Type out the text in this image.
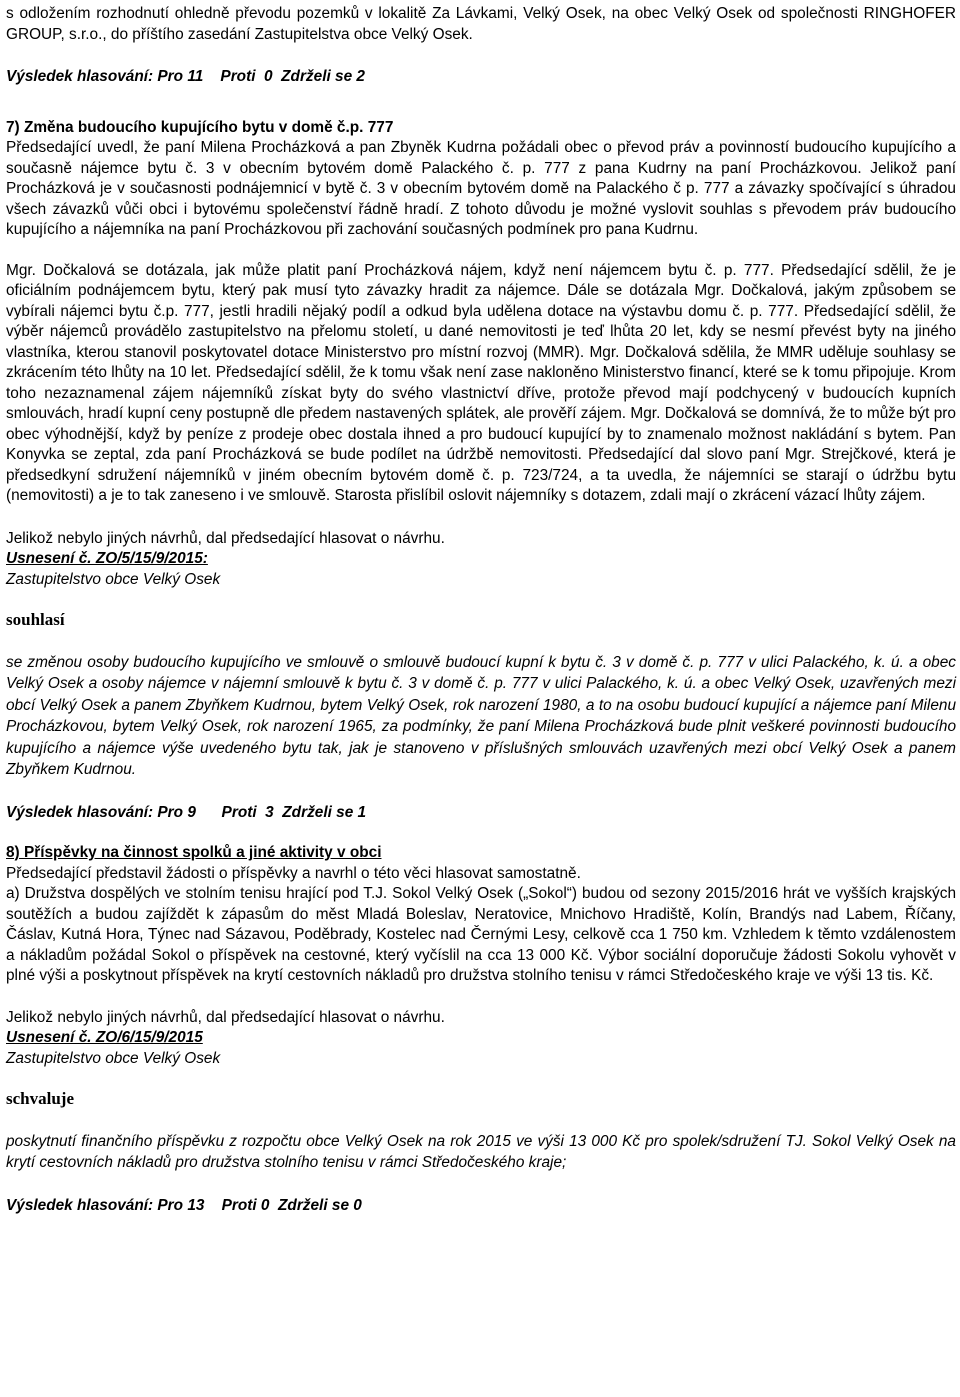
s odložením rozhodnutí ohledně převodu pozemků v lokalitě Za Lávkami, Velký Osek, na obec Velký Osek od společnosti RINGHOFER GROUP, s.r.o., do příštího zasedání Zastupitelstva obce Velký Osek.

Výsledek hlasování: Pro 11    Proti  0  Zdrželi se 2

7) Změna budoucího kupujícího bytu v domě č.p. 777

Předsedající uvedl, že paní Milena Procházková a pan Zbyněk Kudrna požádali obec o převod práv a povinností budoucího kupujícího a současně nájemce bytu č. 3 v obecním bytovém domě Palackého č. p. 777 z pana Kudrny na paní Procházkovou. Jelikož paní Procházková je v současnosti podnájemnicí v bytě č. 3 v obecním bytovém domě na Palackého č p. 777 a závazky spočívající s úhradou všech závazků vůči obci i bytovému společenství řádně hradí. Z tohoto důvodu je možné vyslovit souhlas s převodem práv budoucího kupujícího a nájemníka na paní Procházkovou při zachování současných podmínek pro pana Kudrnu.

Mgr. Dočkalová se dotázala, jak může platit paní Procházková nájem, když není nájemcem bytu č. p. 777. Předsedající sdělil, že je oficiálním podnájemcem bytu, který pak musí tyto závazky hradit za nájemce. Dále se dotázala Mgr. Dočkalová, jakým způsobem se vybírali nájemci bytu č.p. 777, jestli hradili nějaký podíl a odkud byla udělena dotace na výstavbu domu č. p. 777. Předsedající sdělil, že výběr nájemců provádělo zastupitelstvo na přelomu století, u dané nemovitosti je teď lhůta 20 let, kdy se nesmí převést byty na jiného vlastníka, kterou stanovil poskytovatel dotace Ministerstvo pro místní rozvoj (MMR). Mgr. Dočkalová sdělila, že MMR uděluje souhlasy se zkrácením této lhůty na 10 let. Předsedající sdělil, že k tomu však není zase nakloněno Ministerstvo financí, které se k tomu připojuje. Krom toho nezaznamenal zájem nájemníků získat byty do svého vlastnictví dříve, protože převod mají podchycený v budoucích kupních smlouvách, hradí kupní ceny postupně dle předem nastavených splátek, ale prověří zájem. Mgr. Dočkalová se domnívá, že to může být pro obec výhodnější, když by peníze z prodeje obec dostala ihned a pro budoucí kupující by to znamenalo možnost nakládání s bytem. Pan Konyvka se zeptal, zda paní Procházková se bude podílet na údržbě nemovitosti. Předsedající dal slovo paní Mgr. Strejčkové, která je předsedkyní sdružení nájemníků v jiném obecním bytovém domě č. p. 723/724, a ta uvedla, že nájemníci se starají o údržbu bytu (nemovitosti) a je to tak zaneseno i ve smlouvě. Starosta přislíbil oslovit nájemníky s dotazem, zdali mají o zkrácení vázací lhůty zájem.

Jelikož nebylo jiných návrhů, dal předsedající hlasovat o návrhu.

Usnesení č. ZO/5/15/9/2015:

Zastupitelstvo obce Velký Osek

souhlasí

se změnou osoby budoucího kupujícího ve smlouvě o smlouvě budoucí kupní k bytu č. 3 v domě č. p. 777 v ulici Palackého, k. ú. a obec Velký Osek a osoby nájemce v nájemní smlouvě k bytu č. 3 v domě č. p. 777 v ulici Palackého, k. ú. a obec Velký Osek, uzavřených mezi obcí Velký Osek a panem Zbyňkem Kudrnou, bytem Velký Osek, rok narození 1980, a to na osobu budoucí kupující a nájemce paní Milenu Procházkovou, bytem Velký Osek, rok narození 1965, za podmínky, že paní Milena Procházková bude plnit veškeré povinnosti budoucího kupujícího a nájemce výše uvedeného bytu tak, jak je stanoveno v příslušných smlouvách uzavřených mezi obcí Velký Osek a panem Zbyňkem Kudrnou.

Výsledek hlasování: Pro 9      Proti  3  Zdrželi se 1

8) Příspěvky na činnost spolků a jiné aktivity v obci

Předsedající představil žádosti o příspěvky a navrhl o této věci hlasovat samostatně.

a) Družstva dospělých ve stolním tenisu hrající pod T.J. Sokol Velký Osek („Sokol“) budou od sezony 2015/2016 hrát ve vyšších krajských soutěžích a budou zajíždět k zápasům do měst Mladá Boleslav, Neratovice, Mnichovo Hradiště, Kolín, Brandýs nad Labem, Říčany, Čáslav, Kutná Hora, Týnec nad Sázavou, Poděbrady, Kostelec nad Černými Lesy, celkově cca 1 750 km. Vzhledem k těmto vzdálenostem a nákladům požádal Sokol o příspěvek na cestovné, který vyčíslil na cca 13 000 Kč. Výbor sociální doporučuje žádosti Sokolu vyhovět v plné výši a poskytnout příspěvek na krytí cestovních nákladů pro družstva stolního tenisu v rámci Středočeského kraje ve výši 13 tis. Kč.

Jelikož nebylo jiných návrhů, dal předsedající hlasovat o návrhu.

Usnesení č. ZO/6/15/9/2015

Zastupitelstvo obce Velký Osek

schvaluje

poskytnutí finančního příspěvku z rozpočtu obce Velký Osek na rok 2015 ve výši 13 000 Kč pro spolek/sdružení TJ. Sokol Velký Osek na krytí cestovních nákladů pro družstva stolního tenisu v rámci Středočeského kraje;

Výsledek hlasování: Pro 13    Proti 0  Zdrželi se 0
